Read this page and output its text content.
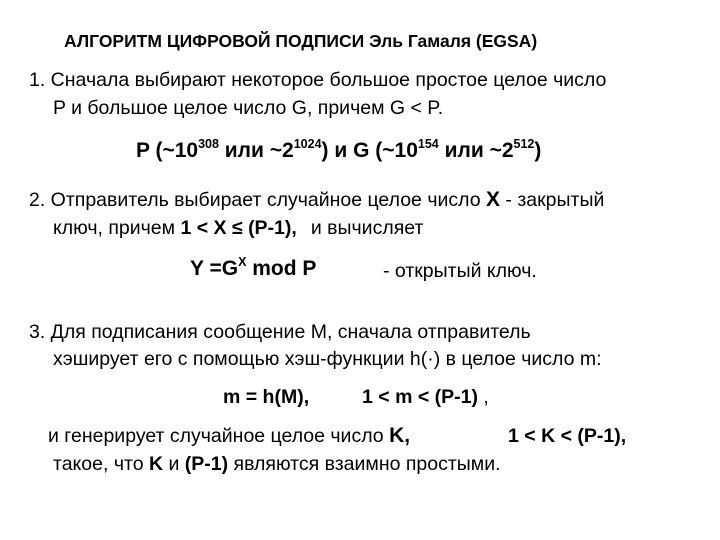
АЛГОРИТМ ЦИФРОВОЙ ПОДПИСИ Эль Гамаля (EGSA)
1. Сначала выбирают некоторое большое простое целое число
P и большое целое число G, причем G < P.
P ($\sim 10^{308}$ или $\sim 2^{1024}$) и G ($\sim 10^{154}$ или $\sim 2^{512}$)
2. Отправитель выбирает случайное целое число X - закрытый
ключ, причем 1 < X ≤ (P-1), и вычисляет
$Y =G^X$ mod P	- открытый ключ.
3. Для подписания сообщение M, сначала отправитель
хэширует его с помощью хэш-функции h(·) в целое число m:
m = h(M),	1 < m < (P-1) ,
и генерирует случайное целое число K,	1 < K < (P-1),
такое, что K и (P-1) являются взаимно простыми.
